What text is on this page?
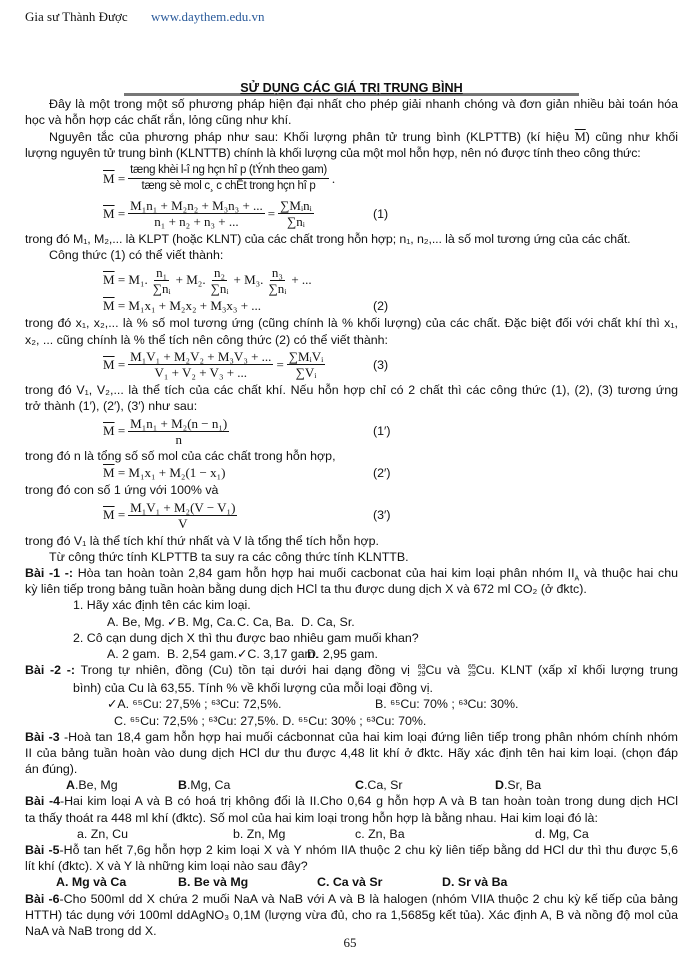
Gia sư Thành Được www.daythem.edu.vn
SỬ DỤNG CÁC GIÁ TRỊ TRUNG BÌNH
Đây là một trong một số phương pháp hiện đại nhất cho phép giải nhanh chóng và đơn giản nhiều bài toán hóa
học và hỗn hợp các chất rắn, lỏng cũng như khí.
Nguyên tắc của phương pháp như sau: Khối lượng phân tử trung bình (KLPTTB) (kí hiệu $\overline{M}$) cũng như khối
lượng nguyên tử trung bình (KLNTTB) chính là khối lượng của một mol hỗn hợp, nên nó được tính theo công thức:
$\overline{M}$
= $\frac{\text{tæng khèi l-î ng hçn hî p (tÝnh theo gam)}}{\text{tæng sè mol c¸ c chÊt trong hçn hî p}}$ .
$\overline{M}$
= $\frac{\text{M₁n₁ + M₂n₂ + M₃n₃ + ...}}{\text{n₁ + n₂ + n₃ + ...}} = \frac{\text{∑Mᵢnᵢ}}{\text{∑nᵢ}}$	(1)
trong đó M₁, M₂,... là KLPT (hoặc KLNT) của các chất trong hỗn hợp; n₁, n₂,... là số mol tương ứng của các chất.
Công thức (1) có thể viết thành:
$\overline{M}$
=
M₁. $\frac{\text{n₁}}{\text{∑nᵢ}} + M_2$. $\frac{\text{n₂}}{\text{∑nᵢ}} + M_3$. $\frac{\text{n₃}}{\text{∑nᵢ}}$ + ...
$\overline{M}$
=
M₁x₁ + M₂x₂ + M₃x₃ + ...	(2)
trong đó x₁, x₂,... là % số mol tương ứng (cũng chính là % khối lượng) của các chất. Đặc biệt đối với chất khí thì x₁,
x₂, ... cũng chính là % thể tích nên công thức (2) có thể viết thành:
$\overline{M}$
= $\frac{\text{M₁V₁ + M₂V₂ + M₃V₃ + ...}}{\text{V₁ + V₂ + V₃ + ...}} = \frac{\text{∑MᵢVᵢ}}{\text{∑Vᵢ}}$	(3)
trong đó V₁, V₂,... là thể tích của các chất khí. Nếu hỗn hợp chỉ có 2 chất thì các công thức (1), (2), (3) tương ứng
trở thành (1′), (2′), (3′) như sau:
$\overline{M}$
= $\frac{\text{M₁n₁ + M₂(n − n₁)}}{n}$	(1′)
trong đó n là tổng số số mol của các chất trong hỗn hợp,
$\overline{M}$
=
M₁x₁ + M₂(1 − x₁)	(2′)
trong đó con số 1 ứng với 100% và
$\overline{M}$
= $\frac{\text{M₁V₁ + M₂(V − V₁)}}{V}$	(3′)
trong đó V₁ là thể tích khí thứ nhất và V là tổng thể tích hỗn hợp.
Từ công thức tính KLPTTB ta suy ra các công thức tính KLNTTB.
Bài -1 -: Hòa tan hoàn toàn 2,84 gam hỗn hợp hai muối cacbonat của hai kim loại phân nhóm $II_A$ và thuộc hai chu
kỳ liên tiếp trong bảng tuần hoàn bằng dung dịch HCl ta thu được dung dịch X và 672 ml CO₂ (ở đktc).
1. Hãy xác định tên các kim loại.
A. Be, Mg. ✓B. Mg, Ca. C. Ca, Ba. D. Ca, Sr.
2. Cô cạn dung dịch X thì thu được bao nhiêu gam muối khan?
A. 2 gam. B. 2,54 gam. ✓C. 3,17 gam.
D. 2,95 gam.
Bài -2 -: Trong tự nhiên, đồng (Cu) tồn tại dưới hai dạng đồng vị 63
29 Cu và 65
29 Cu. KLNT (xấp xỉ khối lượng trung
bình) của Cu là 63,55. Tính % về khối lượng của mỗi loại đồng vị.
✓A. ⁶⁵Cu: 27,5% ; ⁶³Cu: 72,5%.	B. ⁶⁵Cu: 70% ; ⁶³Cu: 30%.
C. ⁶⁵Cu: 72,5% ; ⁶³Cu: 27,5%. D. ⁶⁵Cu: 30% ; ⁶³Cu: 70%.
Bài -3 -Hoà tan 18,4 gam hỗn hợp hai muối cácbonnat của hai kim loại đứng liên tiếp trong phân nhóm chính nhóm
II của bảng tuần hoàn vào dung dịch HCl dư thu được 4,48 lit khí ở đktc. Hãy xác định tên hai kim loại. (chọn đáp
án đúng).
A.Be, Mg	B.Mg, Ca	C.Ca, Sr	D.Sr, Ba
Bài -4-Hai kim loại A và B có hoá trị không đổi là II.Cho 0,64 g hỗn hợp A và B tan hoàn toàn trong dung dịch HCl
ta thấy thoát ra 448 ml khí (đktc). Số mol của hai kim loại trong hỗn hợp là bằng nhau. Hai kim loại đó là:
a. Zn, Cu	b. Zn, Mg	c. Zn, Ba	d. Mg, Ca
Bài -5-Hỗ tan hết 7,6g hỗn hợp 2 kim loại X và Y nhóm IIA thuộc 2 chu kỳ liên tiếp bằng dd HCl dư thì thu được 5,6
lít khí (đktc). X và Y là những kim loại nào sau đây?
A. Mg và Ca	B. Be và Mg	C. Ca và Sr	D. Sr và Ba
Bài -6-Cho 500ml dd X chứa 2 muối NaA và NaB với A và B là halogen (nhóm VIIA thuộc 2 chu kỳ kế tiếp của bảng
HTTH) tác dụng với 100ml ddAgNO₃ 0,1M (lượng vừa đủ, cho ra 1,5685g kết tủa). Xác định A, B và nồng độ mol của
NaA và NaB trong dd X.
65
